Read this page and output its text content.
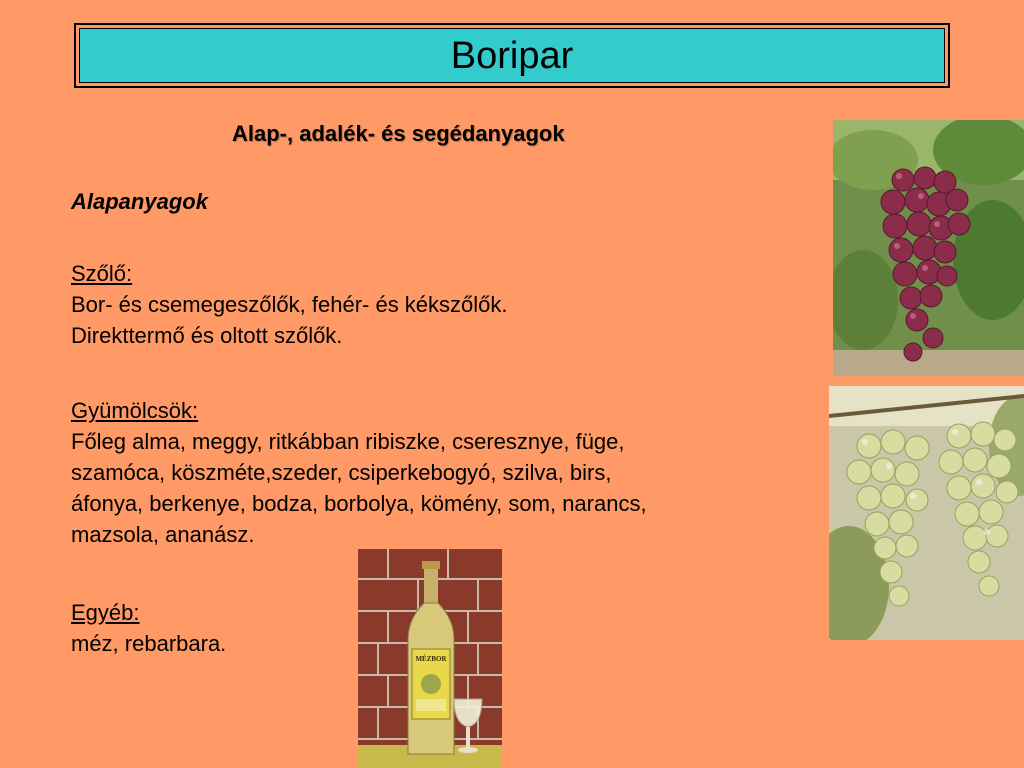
Boripar
Alap-, adalék- és segédanyagok
Alapanyagok
Szőlő:
Bor- és csemegeszőlők, fehér- és kékszőlők.
Direkttermő és oltott szőlők.
Gyümölcsök:
Főleg alma, meggy, ritkábban ribiszke, cseresznye, füge,
szamóca, köszméte,szeder, csiperkebogyó, szilva, birs,
áfonya, berkenye, bodza, borbolya, kömény, som, narancs,
mazsola, ananász.
Egyéb:
méz, rebarbara.
MÉZBOR
